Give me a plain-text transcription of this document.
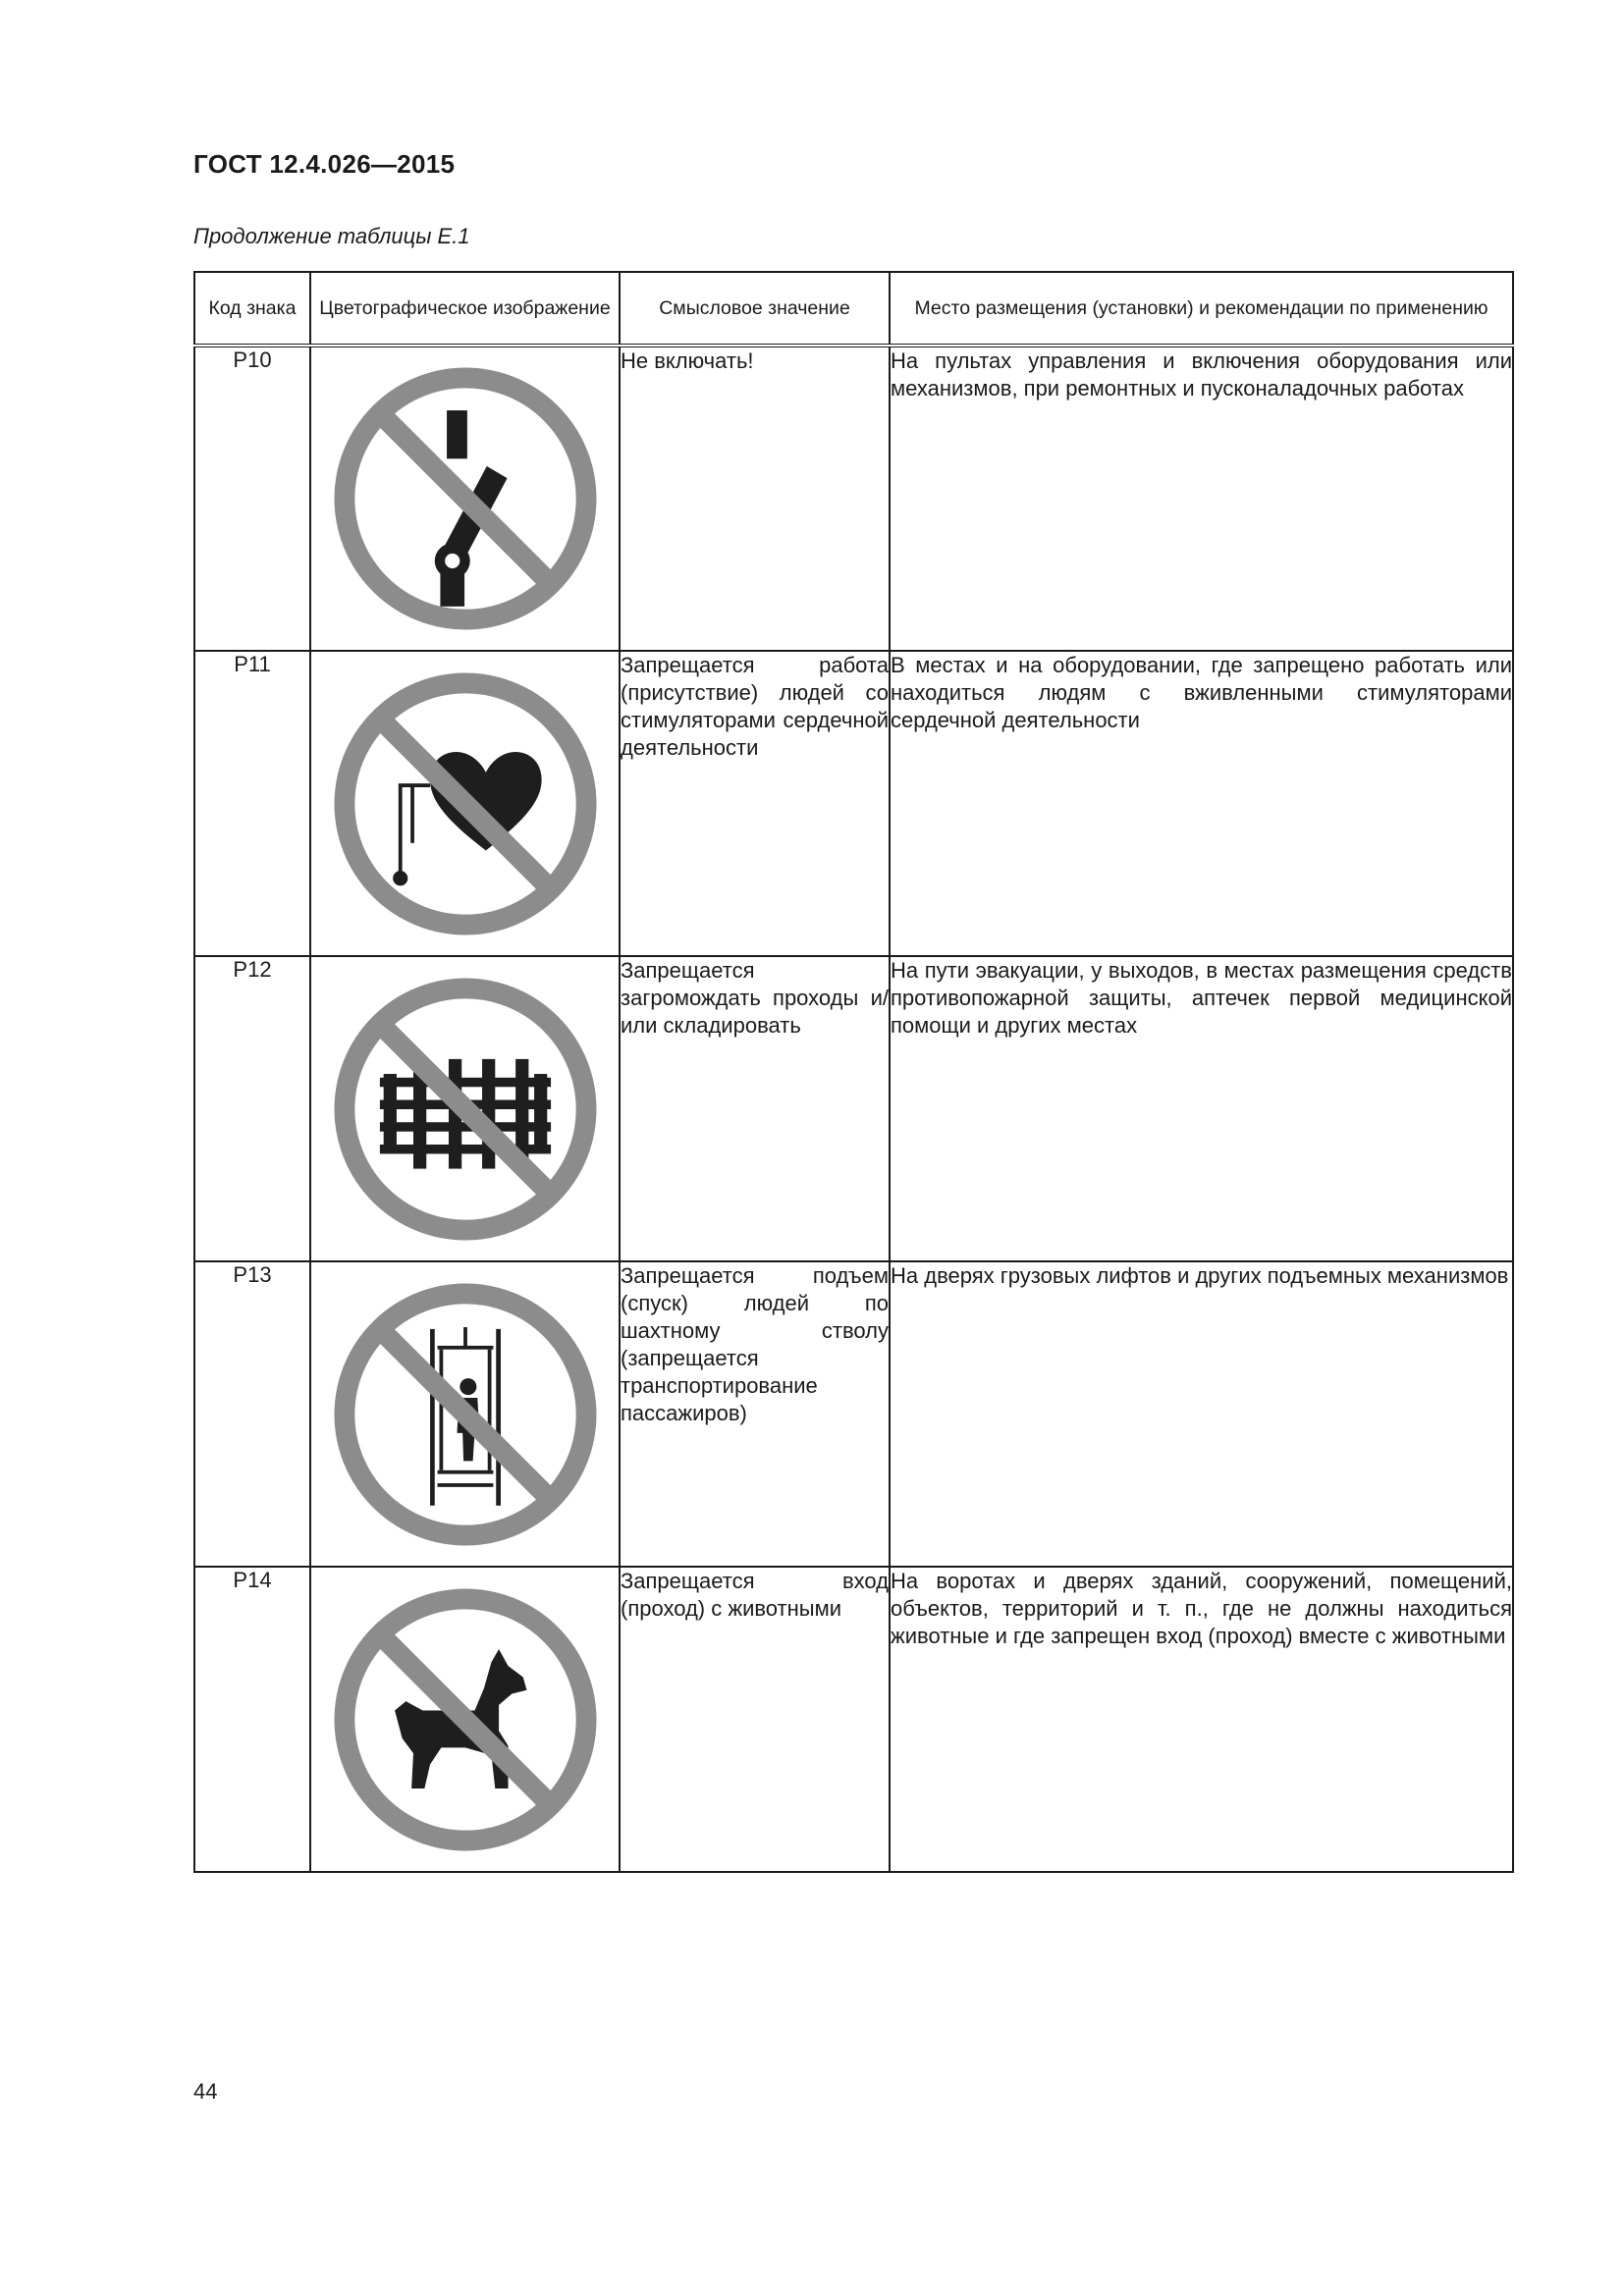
ГОСТ 12.4.026—2015
Продолжение таблицы Е.1
Код знака	Цветографическое изображение	Смысловое значение	Место размещения (установки) и рекомендации по применению
P10		Не включать!	На пультах управления и включения оборудования или механизмов, при ремонтных и пусконаладочных работах
P11		Запрещается работа (присутствие) людей со стимуляторами сердечной деятельности	В местах и на оборудовании, где запрещено работать или находиться людям с вживленными стимуляторами сердечной деятельности
P12		Запрещается загромождать проходы и/или складировать	На пути эвакуации, у выходов, в местах размещения средств противопожарной защиты, аптечек первой медицинской помощи и других местах
P13		Запрещается подъем (спуск) людей по шахтному стволу (запрещается транспортирование пассажиров)	На дверях грузовых лифтов и других подъемных механизмов
P14		Запрещается вход (проход) с животными	На воротах и дверях зданий, сооружений, помещений, объектов, территорий и т. п., где не должны находиться животные и где запрещен вход (проход) вместе с животными
44
